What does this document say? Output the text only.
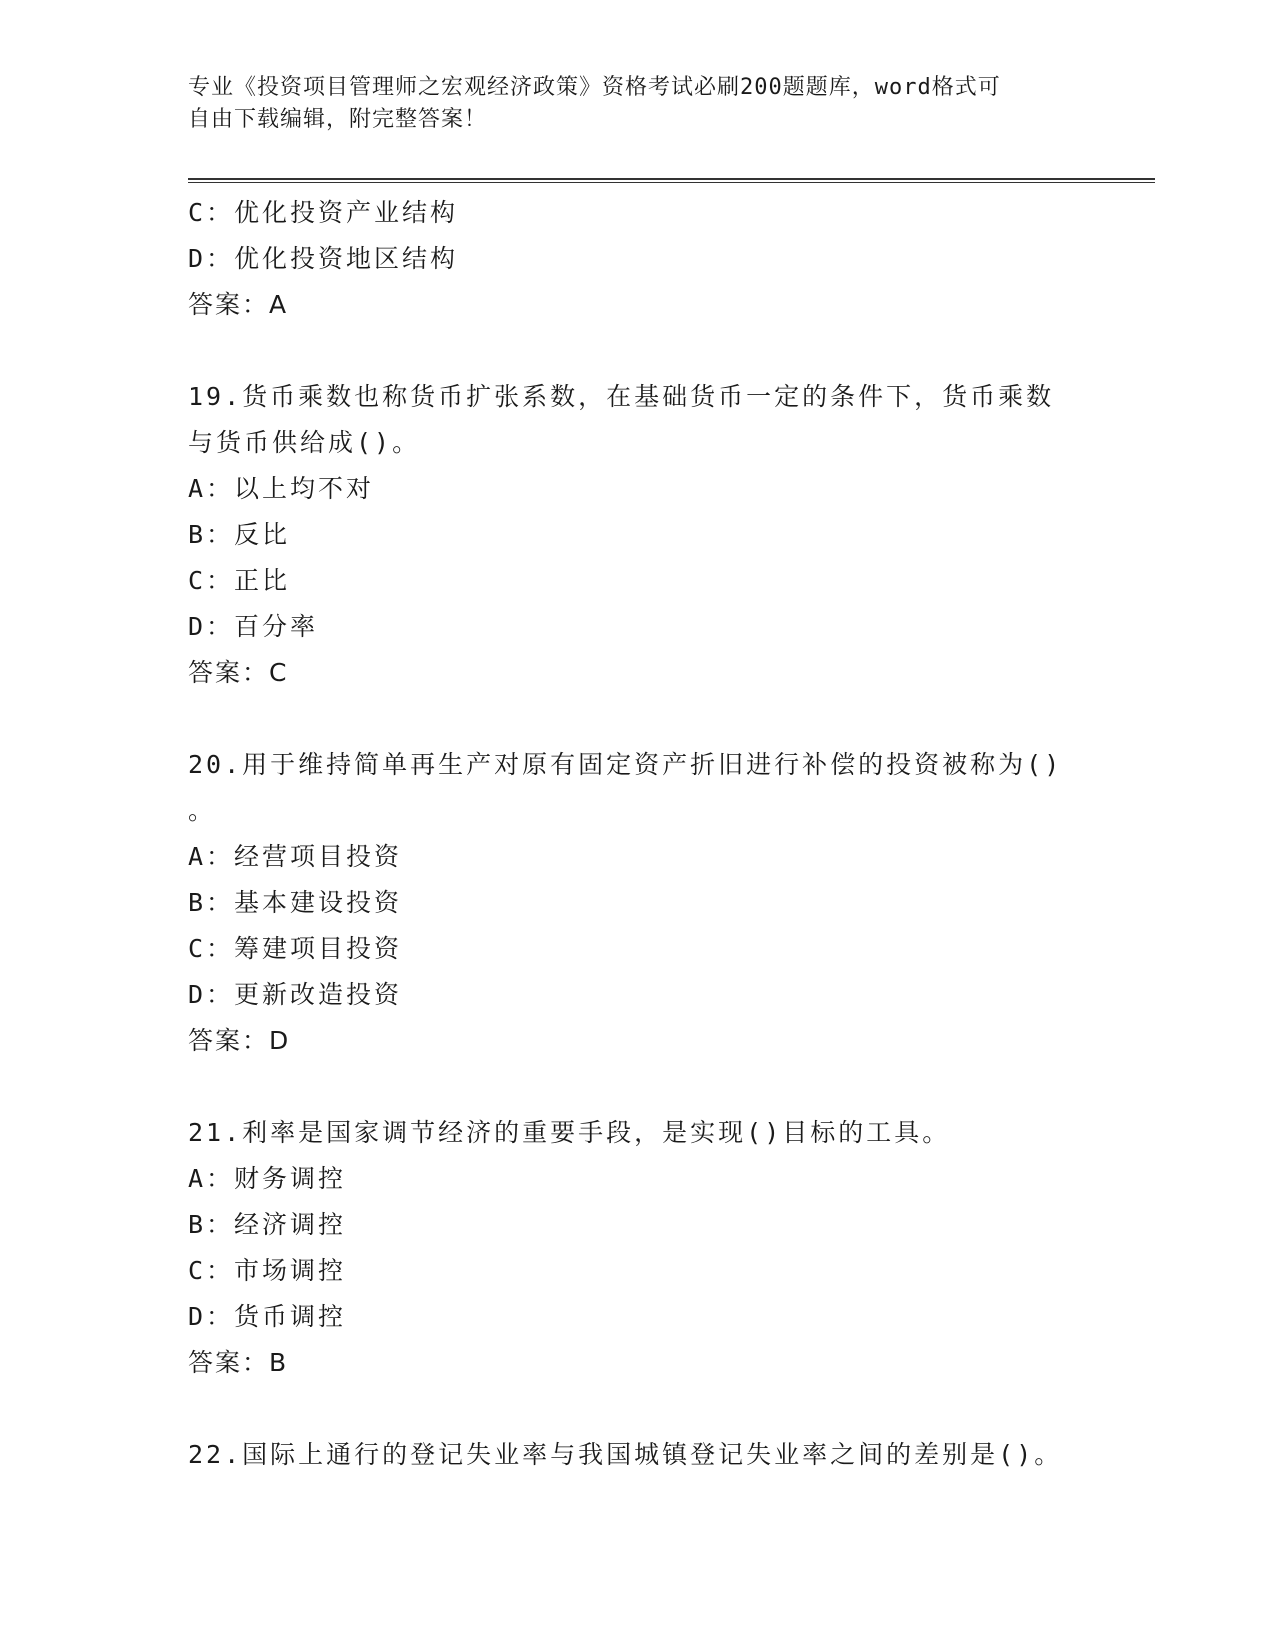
专业《投资项目管理师之宏观经济政策》资格考试必刷200题题库，word格式可
自由下载编辑，附完整答案！
C：优化投资产业结构
D：优化投资地区结构
答案：A
19.货币乘数也称货币扩张系数，在基础货币一定的条件下，货币乘数
与货币供给成()。
A：以上均不对
B：反比
C：正比
D：百分率
答案：C
20.用于维持简单再生产对原有固定资产折旧进行补偿的投资被称为()
。
A：经营项目投资
B：基本建设投资
C：筹建项目投资
D：更新改造投资
答案：D
21.利率是国家调节经济的重要手段，是实现()目标的工具。
A：财务调控
B：经济调控
C：市场调控
D：货币调控
答案：B
22.国际上通行的登记失业率与我国城镇登记失业率之间的差别是()。
